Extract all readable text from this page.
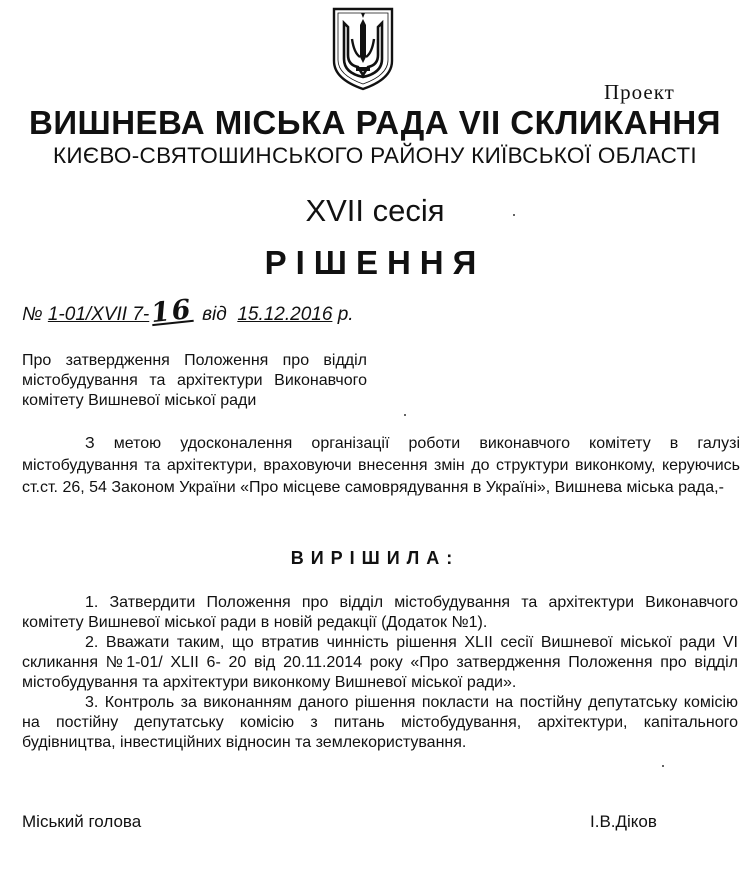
Проект
ВИШНЕВА МІСЬКА РАДА VII СКЛИКАННЯ
КИЄВО-СВЯТОШИНСЬКОГО РАЙОНУ КИЇВСЬКОЇ ОБЛАСТІ
XVII сесія
РІШЕННЯ
№ 1-01/XVII 7-16 від 15.12.2016 р.
Про затвердження Положення про відділ
містобудування та архітектури Виконавчого
комітету Вишневої міської ради
З метою удосконалення організації роботи виконавчого комітету в галузі містобудування та архітектури, враховуючи внесення змін до структури виконкому, керуючись ст.ст. 26, 54 Законом України «Про місцеве самоврядування в Україні», Вишнева міська рада,-
ВИРІШИЛА:

1. Затвердити Положення про відділ містобудування та архітектури Виконавчого комітету Вишневої міської ради в новій редакції (Додаток №1).

2. Вважати таким, що втратив чинність рішення XLII сесії Вишневої міської ради VI скликання №1-01/ XLII 6- 20 від 20.11.2014 року «Про затвердження Положення про відділ містобудування та архітектури виконкому Вишневої міської ради».

3. Контроль за виконанням даного рішення покласти на постійну депутатську комісію на постійну депутатську комісію з питань містобудування, архітектури, капітального будівництва, інвестиційних відносин та землекористування.

Міський голова	І.В.Діков
